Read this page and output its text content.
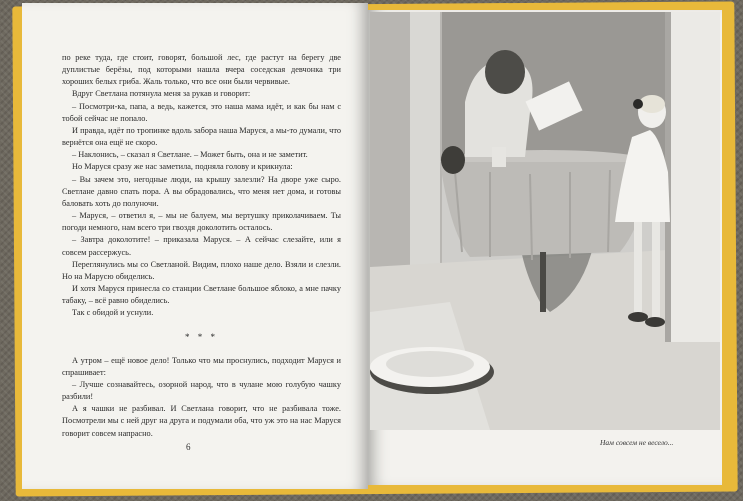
по реке туда, где стоит, говорят, большой лес, где растут на берегу две дуплистые берёзы, под которыми нашла вчера соседская девчонка три хороших белых гриба. Жаль только, что все они были червивые.

Вдруг Светлана потянула меня за рукав и говорит:

– Посмотри-ка, папа, а ведь, кажется, это наша мама идёт, и как бы нам с тобой сейчас не попало.

И правда, идёт по тропинке вдоль забора наша Маруся, а мы-то думали, что вернётся она ещё не скоро.

– Наклонись, – сказал я Светлане. – Может быть, она и не заметит.

Но Маруся сразу же нас заметила, подняла голову и крикнула:

– Вы зачем это, негодные люди, на крышу залезли? На дворе уже сыро. Светлане давно спать пора. А вы обрадовались, что меня нет дома, и готовы баловать хоть до полуночи.

– Маруся, – ответил я, – мы не балуем, мы вертушку приколачиваем. Ты погоди немного, нам всего три гвоздя доколотить осталось.

– Завтра доколотите! – приказала Маруся. – А сейчас слезайте, или я совсем рассержусь.

Переглянулись мы со Светланой. Видим, плохо наше дело. Взяли и слезли. Но на Марусю обиделись.

И хотя Маруся принесла со станции Светлане большое яблоко, а мне пачку табаку, – всё равно обиделись.

Так с обидой и уснули.

* * *

А утром – ещё новое дело! Только что мы проснулись, подходит Маруся и спрашивает:

– Лучше сознавайтесь, озорной народ, что в чулане мою голубую чашку разбили!

А я чашки не разбивал. И Светлана говорит, что не разбивала тоже. Посмотрели мы с ней друг на друга и подумали оба, что уж это на нас Маруся говорит совсем напрасно.

6	Нам совсем не весело...
